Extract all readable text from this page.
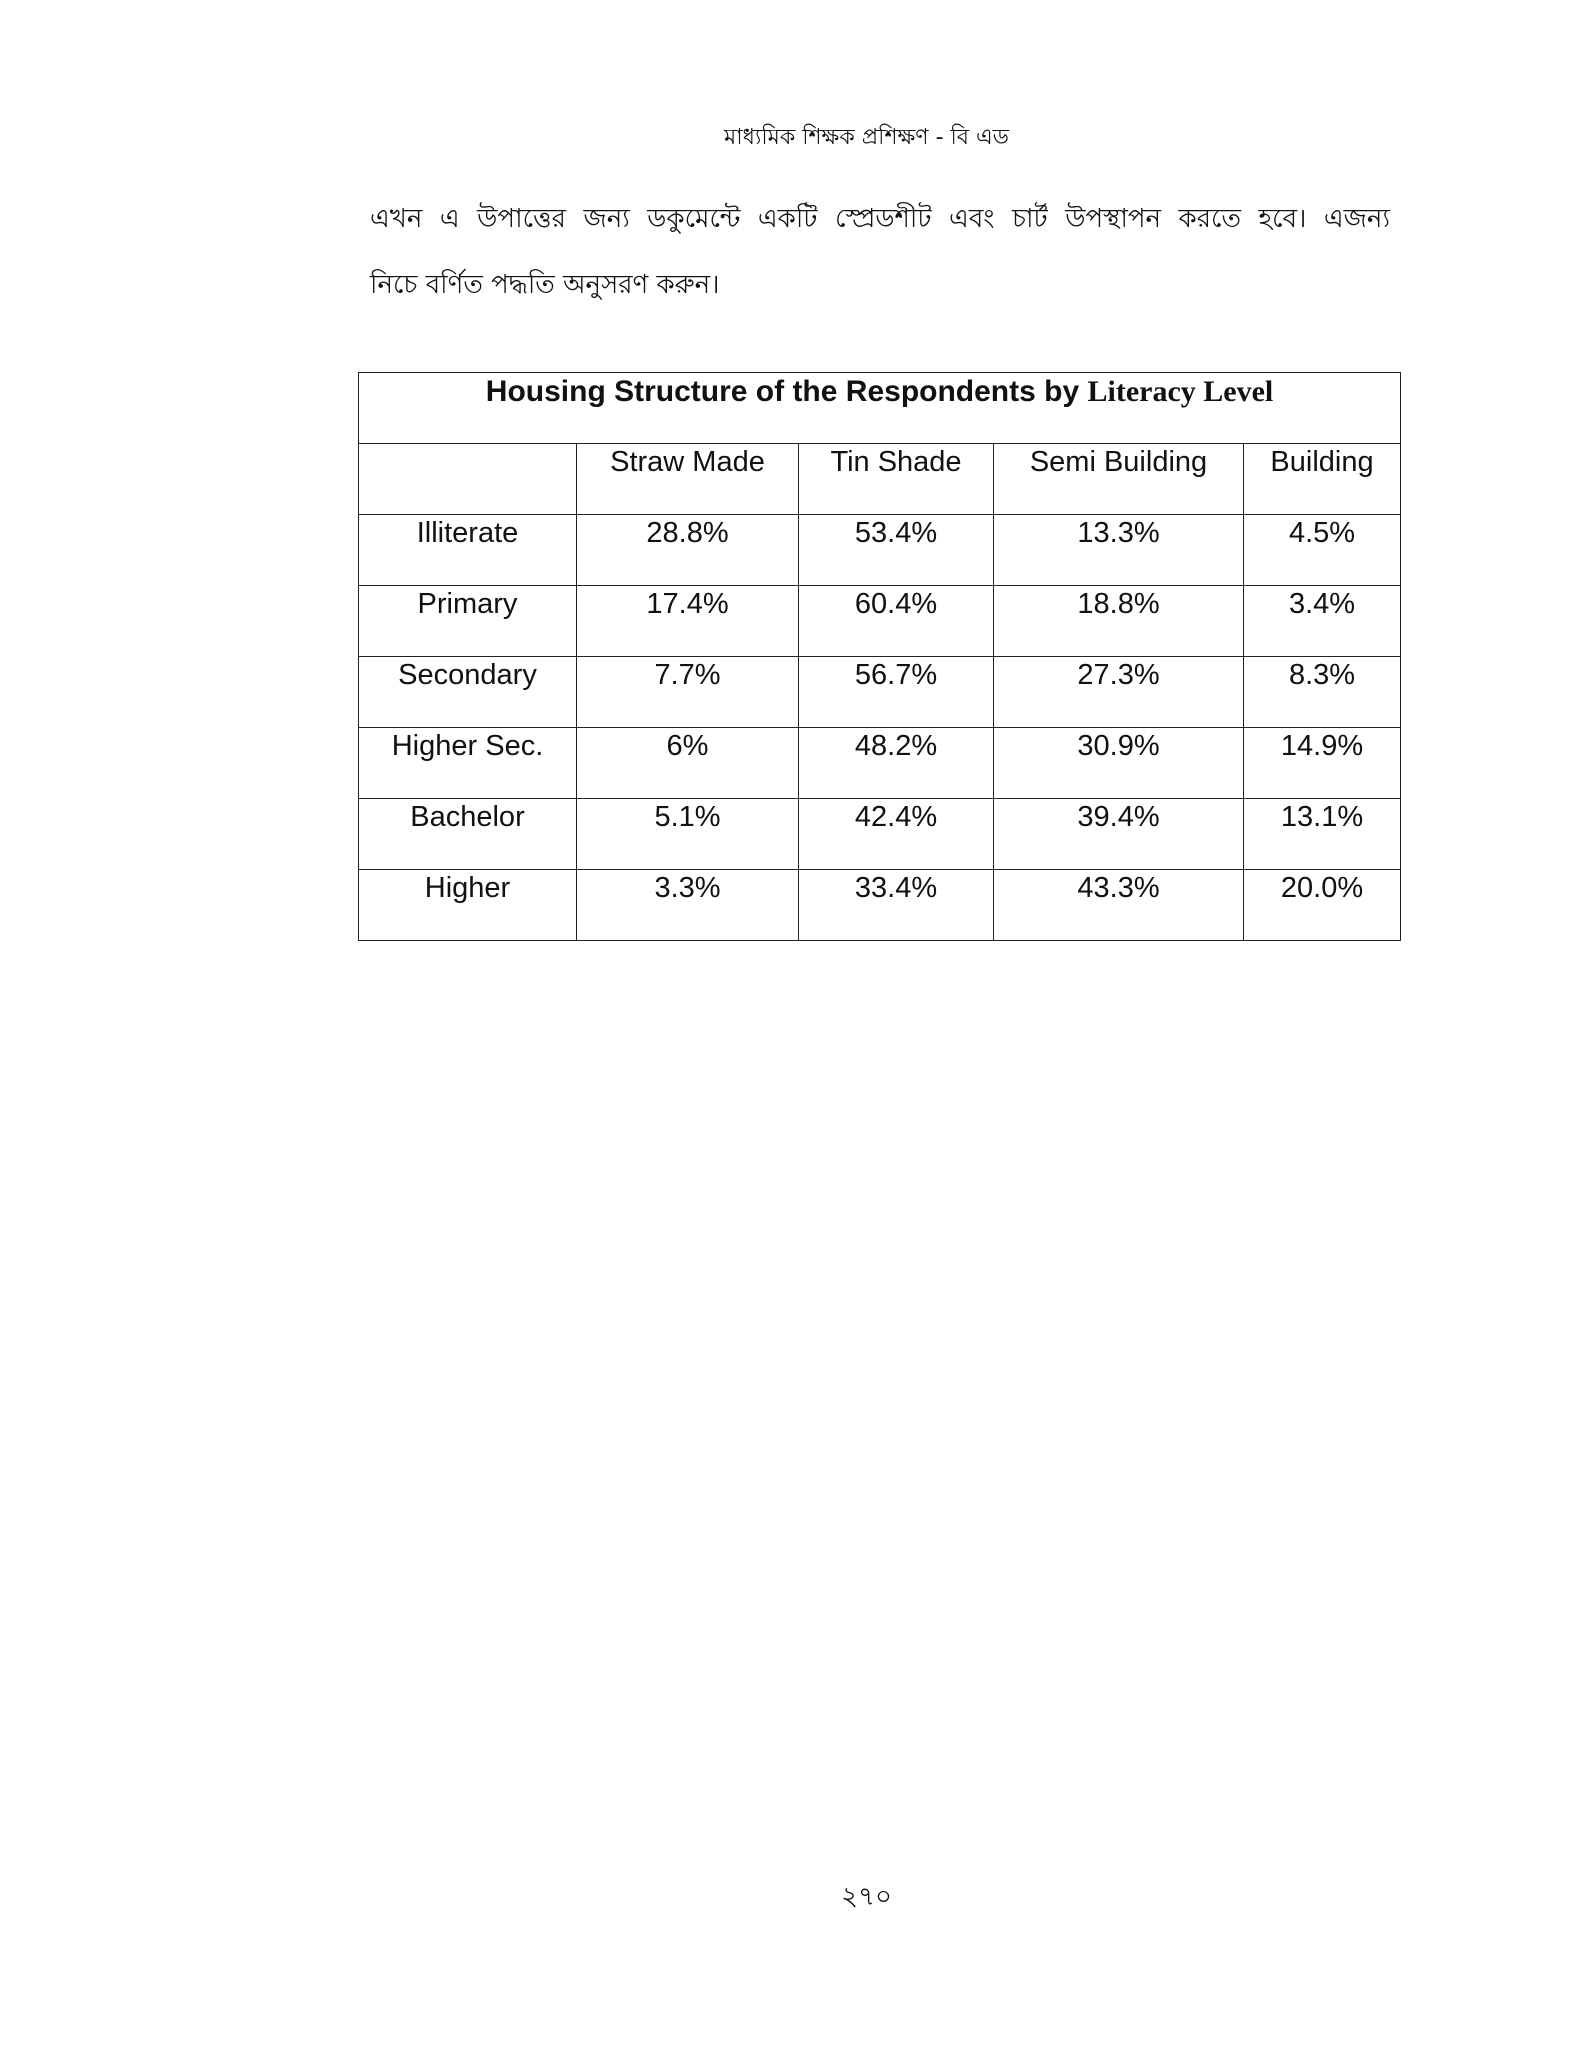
মাধ্যমিক শিক্ষক প্রশিক্ষণ - বি এড
এখন এ উপাত্তের জন্য ডকুমেন্টে একটি স্প্রেডশীট এবং চার্ট উপস্থাপন করতে হবে। এজন্য
নিচে বর্ণিত পদ্ধতি অনুসরণ করুন।
Housing Structure of the Respondents by Literacy Level				
	Straw Made	Tin Shade	Semi Building	Building
Illiterate	28.8%	53.4%	13.3%	4.5%
Primary	17.4%	60.4%	18.8%	3.4%
Secondary	7.7%	56.7%	27.3%	8.3%
Higher Sec.	6%	48.2%	30.9%	14.9%
Bachelor	5.1%	42.4%	39.4%	13.1%
Higher	3.3%	33.4%	43.3%	20.0%
২৭০
